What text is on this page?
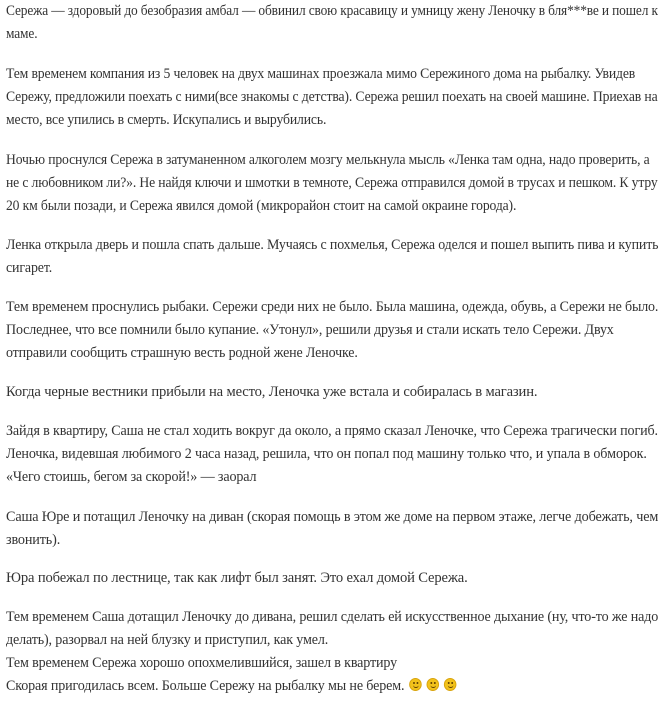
Сережа — здоровый до безобразия амбал — обвинил свою красавицу и умницу жену Леночку в бля***ве и пошел к
маме.
Тем временем компания из 5 человек на двух машинах проезжала мимо Сережиного дома на рыбалку. Увидев
Сережу, предложили поехать с ними(все знакомы с детства). Сережа решил поехать на своей машине. Приехав на
место, все упились в смерть. Искупались и вырубились.
Ночью проснулся Сережа в затуманенном алкоголем мозгу мелькнула мысль «Ленка там одна, надо проверить, а
не с любовником ли?». Не найдя ключи и шмотки в темноте, Сережа отправился домой в трусах и пешком. К утру
20 км были позади, и Сережа явился домой (микрорайон стоит на самой окраине города).
Ленка открыла дверь и пошла спать дальше. Мучаясь с похмелья, Сережа оделся и пошел выпить пива и купить
сигарет.
Тем временем проснулись рыбаки. Сережи среди них не было. Была машина, одежда, обувь, а Сережи не было.
Последнее, что все помнили было купание. «Утонул», решили друзья и стали искать тело Сережи. Двух
отправили сообщить страшную весть родной жене Леночке.
Когда черные вестники прибыли на место, Леночка уже встала и собиралась в магазин.
Зайдя в квартиру, Саша не стал ходить вокруг да около, а прямо сказал Леночке, что Сережа трагически погиб.
Леночка, видевшая любимого 2 часа назад, решила, что он попал под машину только что, и упала в обморок.
«Чего стоишь, бегом за скорой!» — заорал
Саша Юре и потащил Леночку на диван (скорая помощь в этом же доме на первом этаже, легче добежать, чем
звонить).
Юра побежал по лестнице, так как лифт был занят. Это ехал домой Сережа.
Тем временем Саша дотащил Леночку до дивана, решил сделать ей искусственное дыхание (ну, что-то же надо
делать), разорвал на ней блузку и приступил, как умел.
Тем временем Сережа хорошо опохмелившийся, зашел в квартиру
Скорая пригодилась всем. Больше Сережу на рыбалку мы не берем.
